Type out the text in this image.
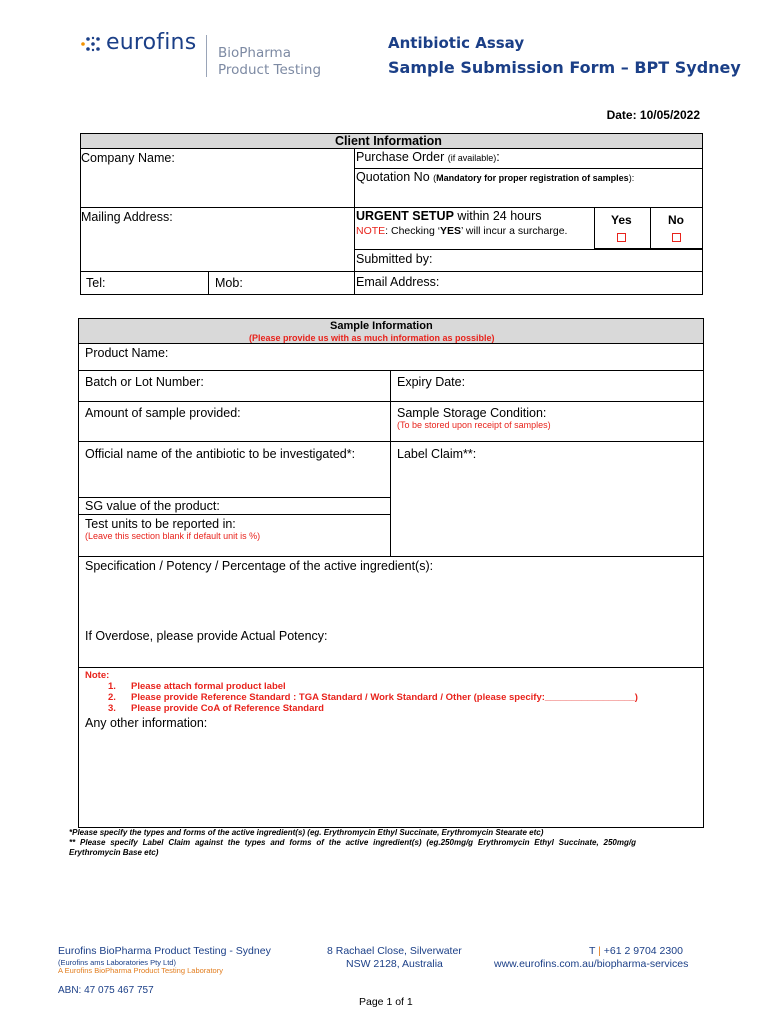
eurofins BioPharma
Product Testing
Antibiotic Assay
Sample Submission Form – BPT Sydney
Date: 10/05/2022
Client Information
Company Name:	Purchase Order (if available):
Quotation No (Mandatory for proper registration of samples):
Mailing Address:	URGENT SETUP within 24 hours
NOTE: Checking ‘YES’ will incur a surcharge.
Yes	No
Submitted by:
Tel:	Mob:	Email Address:
Sample Information
(Please provide us with as much information as possible)
Product Name:
Batch or Lot Number:	Expiry Date:
Amount of sample provided:	Sample Storage Condition:
(To be stored upon receipt of samples)
Official name of the antibiotic to be investigated*:	Label Claim**:
SG value of the product:
Test units to be reported in:
(Leave this section blank if default unit is %)
Specification / Potency / Percentage of the active ingredient(s):
If Overdose, please provide Actual Potency:
Note:
1. Please attach formal product label
2. Please provide Reference Standard : TGA Standard / Work Standard / Other (please specify:_________________)
3. Please provide CoA of Reference Standard
Any other information:
*Please specify the types and forms of the active ingredient(s) (eg. Erythromycin Ethyl Succinate, Erythromycin Stearate etc)
** Please specify Label Claim against the types and forms of the active ingredient(s) (eg.250mg/g Erythromycin Ethyl Succinate, 250mg/g
Erythromycin Base etc)
Eurofins BioPharma Product Testing - Sydney
(Eurofins ams Laboratories Pty Ltd)
A Eurofins BioPharma Product Testing Laboratory
8 Rachael Close, Silverwater
NSW 2128, Australia
T | +61 2 9704 2300
www.eurofins.com.au/biopharma-services
ABN: 47 075 467 757
Page 1 of 1
